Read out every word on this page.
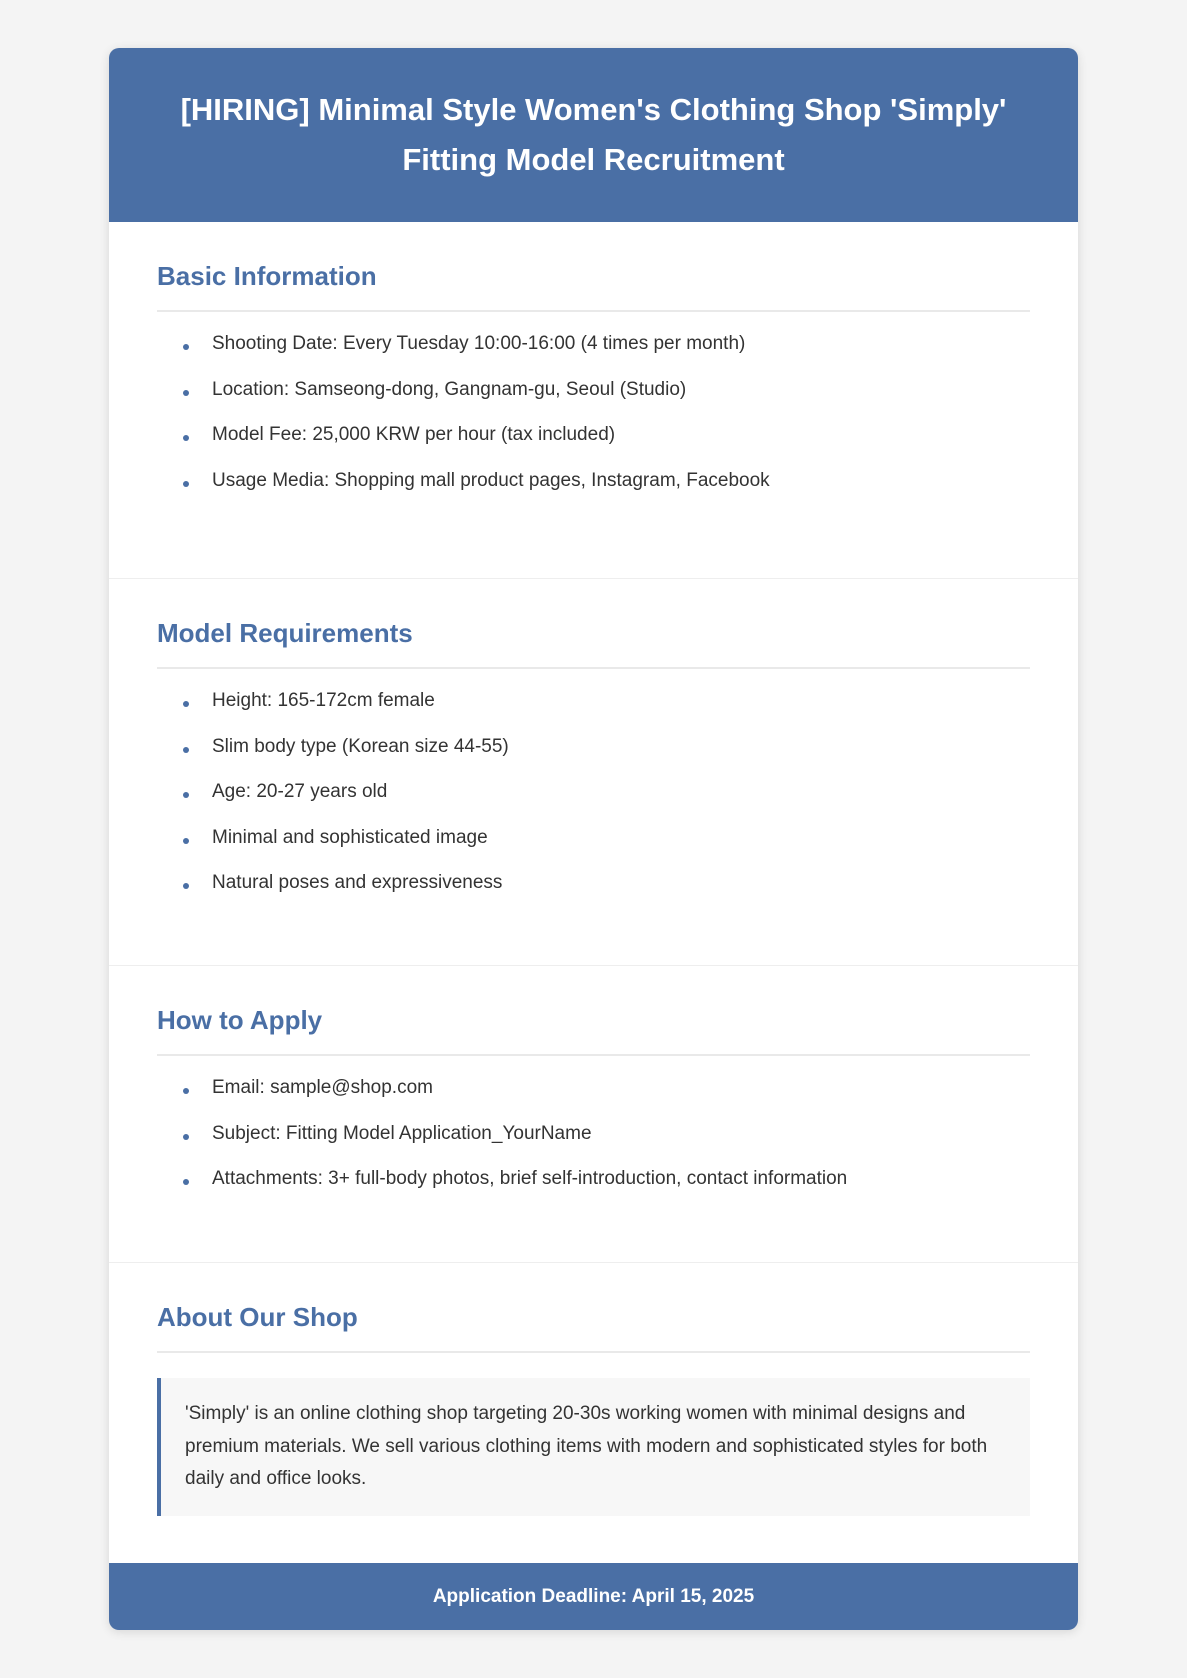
[HIRING] Minimal Style Women's Clothing Shop 'Simply'
Fitting Model Recruitment
Basic Information
Shooting Date: Every Tuesday 10:00-16:00 (4 times per month)
Location: Samseong-dong, Gangnam-gu, Seoul (Studio)
Model Fee: 25,000 KRW per hour (tax included)
Usage Media: Shopping mall product pages, Instagram, Facebook
Model Requirements
Height: 165-172cm female
Slim body type (Korean size 44-55)
Age: 20-27 years old
Minimal and sophisticated image
Natural poses and expressiveness
How to Apply
Email: sample@shop.com
Subject: Fitting Model Application_YourName
Attachments: 3+ full-body photos, brief self-introduction, contact information
About Our Shop
'Simply' is an online clothing shop targeting 20-30s working women with minimal designs and premium materials. We sell various clothing items with modern and sophisticated styles for both daily and office looks.
Application Deadline: April 15, 2025
